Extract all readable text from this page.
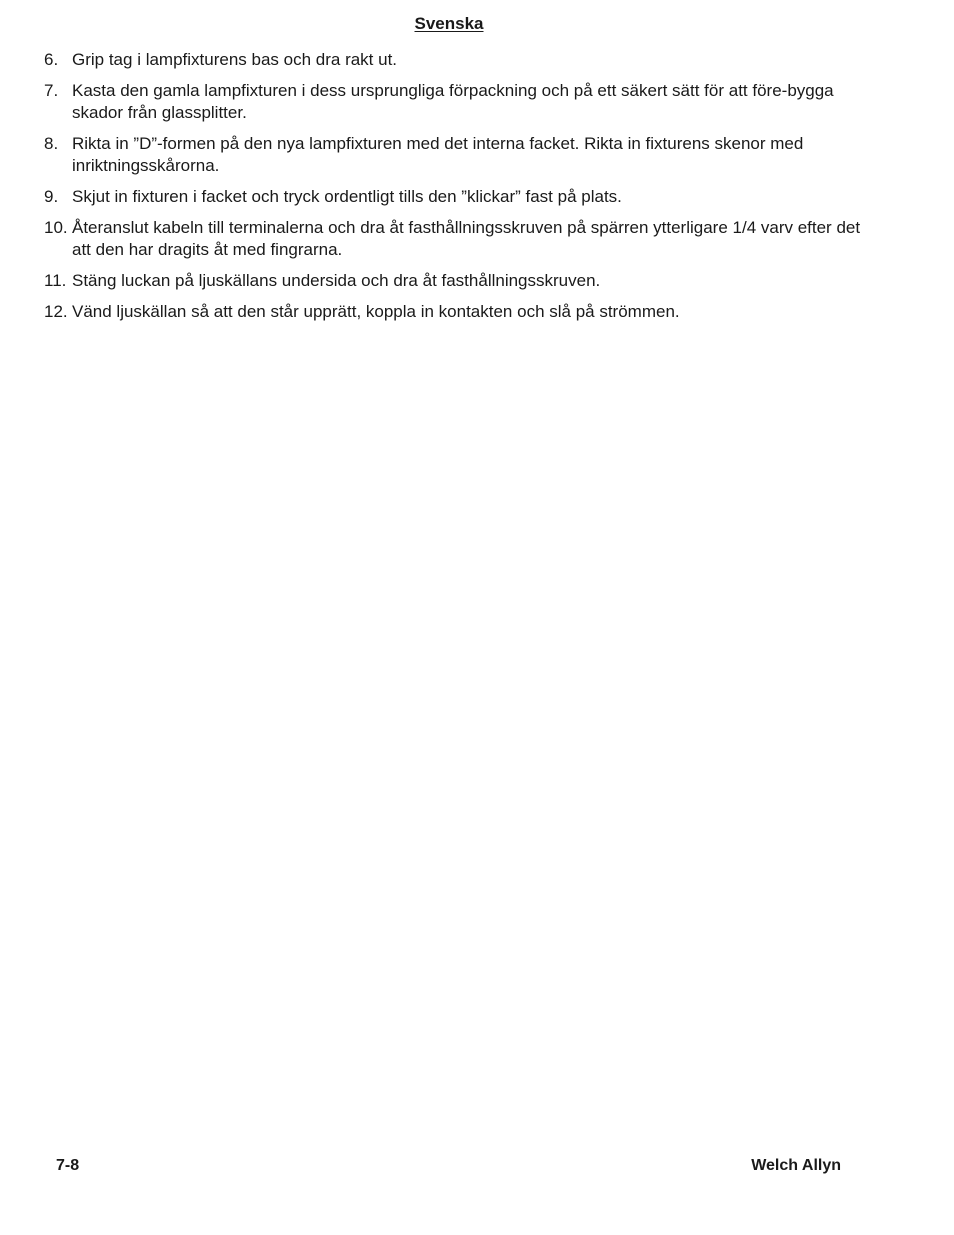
Svenska
6. Grip tag i lampfixturens bas och dra rakt ut.
7. Kasta den gamla lampfixturen i dess ursprungliga förpackning och på ett säkert sätt för att före-bygga skador från glassplitter.
8. Rikta in ”D”-formen på den nya lampfixturen med det interna facket. Rikta in fixturens skenor med inriktningsskårorna.
9. Skjut in fixturen i facket och tryck ordentligt tills den ”klickar” fast på plats.
10. Återanslut kabeln till terminalerna och dra åt fasthållningsskruven på spärren ytterligare 1/4 varv efter det att den har dragits åt med fingrarna.
11. Stäng luckan på ljuskällans undersida och dra åt fasthållningsskruven.
12. Vänd ljuskällan så att den står upprätt, koppla in kontakten och slå på strömmen.
7-8	Welch Allyn
